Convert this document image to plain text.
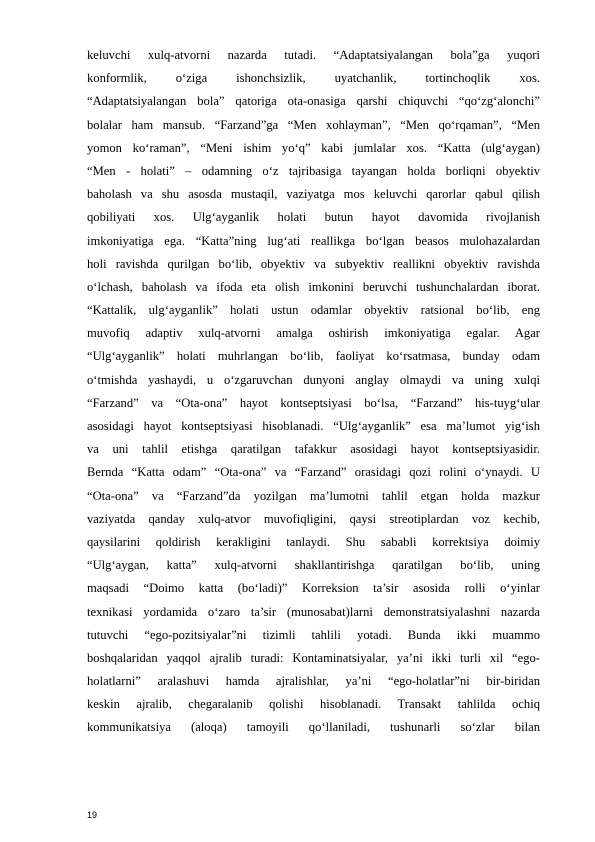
keluvchi xulq-atvorni nazarda tutadi. “Adaptatsiyalangan bola”ga yuqori
konformlik, o‘ziga ishonchsizlik, uyatchanlik, tortinchoqlik xos.
“Adaptatsiyalangan bola” qatoriga ota-onasiga qarshi chiquvchi “qo‘zg‘alonchi”
bolalar ham mansub. “Farzand”ga “Men xohlayman”, “Men qo‘rqaman”, “Men
yomon ko‘raman”, “Meni ishim yo‘q” kabi jumlalar xos. “Katta (ulg‘aygan)
“Men - holati” – odamning o‘z tajribasiga tayangan holda borliqni obyektiv
baholash va shu asosda mustaqil, vaziyatga mos keluvchi qarorlar qabul qilish
qobiliyati xos. Ulg‘ayganlik holati butun hayot davomida rivojlanish
imkoniyatiga ega. “Katta”ning lug‘ati reallikga bo‘lgan beasos mulohazalardan
holi ravishda qurilgan bo‘lib, obyektiv va subyektiv reallikni obyektiv ravishda
o‘lchash, baholash va ifoda eta olish imkonini beruvchi tushunchalardan iborat.
“Kattalik, ulg‘ayganlik” holati ustun odamlar obyektiv ratsional bo‘lib, eng
muvofiq adaptiv xulq-atvorni amalga oshirish imkoniyatiga egalar. Agar
“Ulg‘ayganlik” holati muhrlangan bo‘lib, faoliyat ko‘rsatmasa, bunday odam
o‘tmishda yashaydi, u o‘zgaruvchan dunyoni anglay olmaydi va uning xulqi
“Farzand” va “Ota-ona” hayot kontseptsiyasi bo‘lsa, “Farzand” his-tuyg‘ular
asosidagi hayot kontseptsiyasi hisoblanadi. “Ulg‘ayganlik” esa ma’lumot yig‘ish
va uni tahlil etishga qaratilgan tafakkur asosidagi hayot kontseptsiyasidir.
Bernda “Katta odam” “Ota-ona” va “Farzand” orasidagi qozi rolini o‘ynaydi. U
“Ota-ona” va “Farzand”da yozilgan ma’lumotni tahlil etgan holda mazkur
vaziyatda qanday xulq-atvor muvofiqligini, qaysi streotiplardan voz kechib,
qaysilarini qoldirish kerakligini tanlaydi. Shu sababli korrektsiya doimiy
“Ulg‘aygan, katta” xulq-atvorni shakllantirishga qaratilgan bo‘lib, uning
maqsadi “Doimo katta (bo‘ladi)” Korreksion ta’sir asosida rolli o‘yinlar
texnikasi yordamida o‘zaro ta’sir (munosabat)larni demonstratsiyalashni nazarda
tutuvchi “ego-pozitsiyalar”ni tizimli tahlili yotadi. Bunda ikki muammo
boshqalaridan yaqqol ajralib turadi: Kontaminatsiyalar, ya’ni ikki turli xil “ego-
holatlarni” aralashuvi hamda ajralishlar, ya’ni “ego-holatlar”ni bir-biridan
keskin ajralib, chegaralanib qolishi hisoblanadi. Transakt tahlilda ochiq
kommunikatsiya (aloqa) tamoyili qo‘llaniladi, tushunarli so‘zlar bilan
19
